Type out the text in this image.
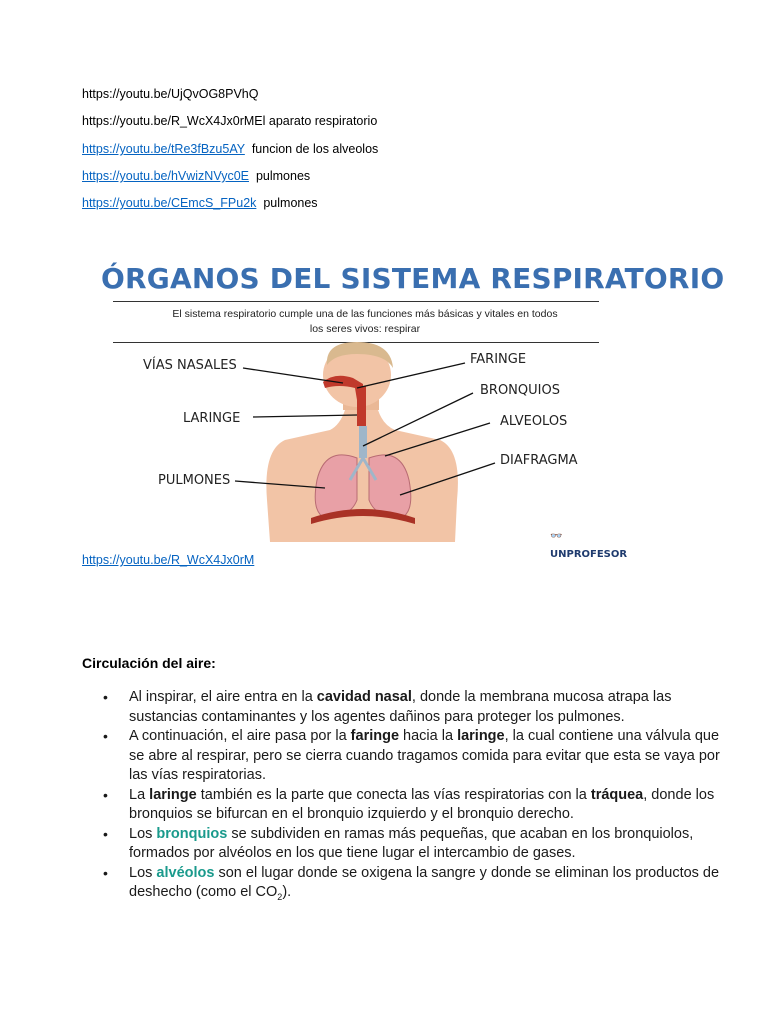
https://youtu.be/UjQvOG8PVhQ
https://youtu.be/R_WcX4Jx0rMEl aparato respiratorio
https://youtu.be/tRe3fBzu5AY funcion de los alveolos
https://youtu.be/hVwizNVyc0E pulmones
https://youtu.be/CEmcS_FPu2k pulmones
ÓRGANOS DEL SISTEMA RESPIRATORIO
El sistema respiratorio cumple una de las funciones más básicas y vitales en todos
los seres vivos: respirar
VÍAS NASALES
LARINGE
PULMONES
FARINGE
BRONQUIOS
ALVEOLOS
DIAFRAGMA
👓 UNPROFESOR
https://youtu.be/R_WcX4Jx0rM
Circulación del aire:
• Al inspirar, el aire entra en la cavidad nasal, donde la membrana mucosa atrapa las sustancias contaminantes y los agentes dañinos para proteger los pulmones.
• A continuación, el aire pasa por la faringe hacia la laringe, la cual contiene una válvula que se abre al respirar, pero se cierra cuando tragamos comida para evitar que esta se vaya por las vías respiratorias.
• La laringe también es la parte que conecta las vías respiratorias con la tráquea, donde los bronquios se bifurcan en el bronquio izquierdo y el bronquio derecho.
• Los bronquios se subdividen en ramas más pequeñas, que acaban en los bronquiolos, formados por alvéolos en los que tiene lugar el intercambio de gases.
• Los alvéolos son el lugar donde se oxigena la sangre y donde se eliminan los productos de deshecho (como el $CO_2$).
